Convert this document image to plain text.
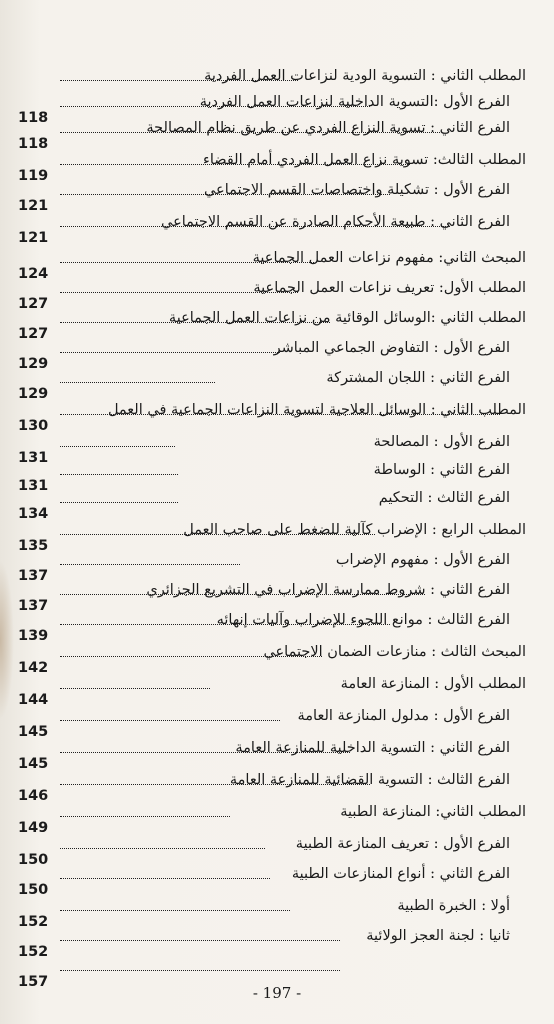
المطلب الثاني : التسوية الودية لنزاعات العمل الفردية
الفرع الأول :التسوية الداخلية لنزاعات العمل الفردية
118
الفرع الثاني : تسوية النزاع الفردي عن طريق نظام المصالحة
118
المطلب الثالث: تسوية نزاع العمل الفردي أمام القضاء
119
الفرع الأول : تشكيلة واختصاصات القسم الاجتماعي
121
الفرع الثاني : طبيعة الأحكام الصادرة عن القسم الاجتماعي
121
المبحث الثاني: مفهوم نزاعات العمل الجماعية
124
المطلب الأول: تعريف نزاعات العمل الجماعية
127
المطلب الثاني :الوسائل الوقائية من نزاعات العمل الجماعية
127
الفرع الأول : التفاوض الجماعي المباشر
129
الفرع الثاني : اللجان المشتركة
129
المطلب الثاني : الوسائل العلاجية لتسوية النزاعات الجماعية في العمل
130
الفرع الأول : المصالحة
131
الفرع الثاني : الوساطة
131
الفرع الثالث : التحكيم
134
المطلب الرابع : الإضراب كآلية للضغط على صاحب العمل
135
الفرع الأول : مفهوم الإضراب
137
الفرع الثاني : شروط ممارسة الإضراب في التشريع الجزائري
137
الفرع الثالث : موانع اللجوء للإضراب وآليات إنهائه
139
المبحث الثالث : منازعات الضمان الاجتماعي
142
المطلب الأول : المنازعة العامة
144
الفرع الأول : مدلول المنازعة العامة
145
الفرع الثاني : التسوية الداخلية للمنازعة العامة
145
الفرع الثالث : التسوية القضائية للمنازعة العامة
146
المطلب الثاني: المنازعة الطبية
149
الفرع الأول : تعريف المنازعة الطبية
150
الفرع الثاني : أنواع المنازعات الطبية
150
أولا : الخبرة الطبية
152
ثانيا : لجنة العجز الولائية
152
157
- 197 -
